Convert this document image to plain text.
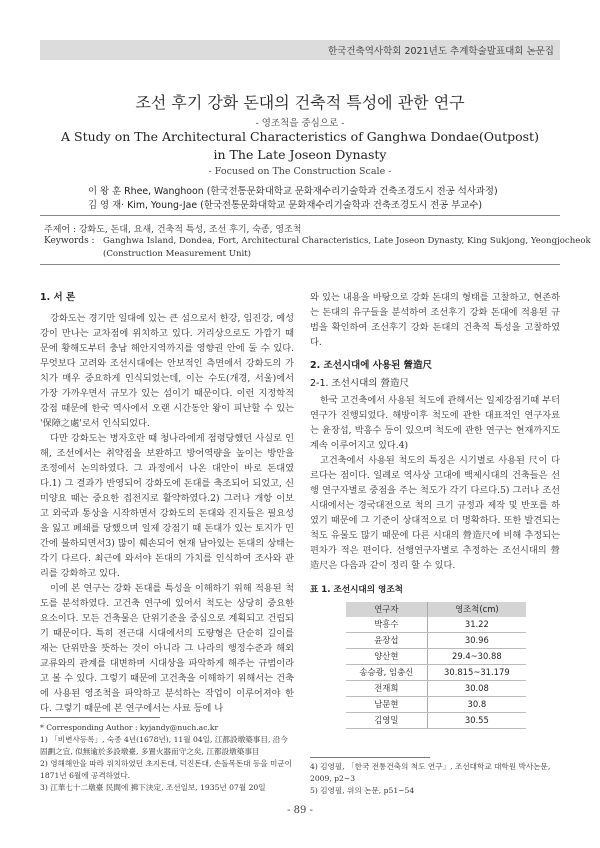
한국건축역사학회 2021년도 추계학술발표대회 논문집
조선 후기 강화 돈대의 건축적 특성에 관한 연구
- 영조척을 중심으로 -
A Study on The Architectural Characteristics of Ganghwa Dondae(Outpost)
in The Late Joseon Dynasty
- Focused on The Construction Scale -
이 왕 훈 Rhee, Wanghoon (한국전통문화대학교 문화재수리기술학과 건축조경도시 전공 석사과정)
김 영 재· Kim, Young-Jae (한국전통문화대학교 문화재수리기술학과 건축조경도시 전공 부교수)
주제어 : 강화도, 돈대, 요새, 건축적 특성, 조선 후기, 숙종, 영조척
Keywords : Ganghwa Island, Dondea, Fort, Architectural Characteristics, Late Joseon Dynasty, King Sukjong, Yeongjocheok
(Construction Measurement Unit)
1. 서 론

강화도는 경기만 일대에 있는 큰 섬으로서 한강, 임진강, 예성강이 만나는 교차점에 위치하고 있다. 거리상으로도 가깝기 때문에 황해도부터 충남 해안지역까지를 영향권 안에 둘 수 있다. 무엇보다 고려와 조선시대에는 안보적인 측면에서 강화도의 가치가 매우 중요하게 인식되었는데, 이는 수도(개경, 서울)에서 가장 가까우면서 규모가 있는 섬이기 때문이다. 이런 지정학적 강점 때문에 한국 역사에서 오랜 시간동안 왕이 피난할 수 있는 '保障之處'로서 인식되었다.

다만 강화도는 병자호란 때 청나라에게 점령당했던 사실로 인해, 조선에서는 취약점을 보완하고 방어역량을 높이는 방안을 조정에서 논의하였다. 그 과정에서 나온 대안이 바로 돈대였다.1) 그 결과가 반영되어 강화도에 돈대를 축조되어 되었고, 신미양요 때는 중요한 접전지로 활약하였다.2) 그러나 개항 이보고 외국과 통상을 시작하면서 강화도의 돈대와 진지들은 필요성을 잃고 폐쇄를 당했으며 일제 강점기 때 돈대가 있는 토지가 민간에 불하되면서3) 많이 훼손되어 현재 남아있는 돈대의 상태는 각기 다르다. 최근에 와서야 돈대의 가치를 인식하여 조사와 관리를 강화하고 있다.

이에 본 연구는 강화 돈대를 특성을 이해하기 위해 적용된 척도를 분석하였다. 고건축 연구에 있어서 척도는 상당히 중요한 요소이다. 모든 건축물은 단위기준을 중심으로 계획되고 건립되기 때문이다. 특히 전근대 시대에서의 도량형은 단순히 길이를 재는 단위만을 뜻하는 것이 아니라 그 나라의 행정수준과 해외교류와의 관계를 대변하며 시대상을 파악하게 해주는 규범이라고 볼 수 있다. 그렇기 때문에 고건축을 이해하기 위해서는 건축에 사용된 영조척을 파악하고 분석하는 작업이 이루어져야 한다. 그렇기 때문에 본 연구에서는 사료 등에 나

와 있는 내용을 바탕으로 강화 돈대의 형태를 고찰하고, 현존하는 돈대의 유구들을 분석하여 조선후기 강화 돈대에 적용된 규범을 확인하여 조선후기 강화 돈대의 건축적 특성을 고찰하였다.

2. 조선시대에 사용된 營造尺
2-1. 조선시대의 營造尺

한국 고건축에서 사용된 척도에 관해서는 일제강점기때 부터 연구가 진행되었다. 해방이후 척도에 관한 대표적인 연구자료는 윤장섭, 박흥수 등이 있으며 척도에 관한 연구는 현재까지도 계속 이루어지고 있다.4)

고건축에서 사용된 척도의 특징은 시기별로 사용된 尺이 다르다는 점이다. 일례로 역사상 고대에 백제시대의 건축들은 선행 연구자별로 중점을 주는 척도가 각기 다르다.5) 그러나 조선시대에서는 경국대전으로 척의 크기 규정과 제작 및 반포를 하였기 때문에 그 기준이 상대적으로 더 명확하다. 또한 발견되는 척도 유물도 많기 때문에 다른 시대의 營造尺에 비해 추정되는 편차가 적은 편이다. 선행연구자별로 추정하는 조선시대의 營造尺은 다음과 같이 정리 할 수 있다.

표 1. 조선시대의 영조척
연구자	영조척(cm)
박흥수	31.22
윤장섭	30.96
양산현	29.4~30.88
송승광, 임충신	30.815~31.179
전재희	30.08
남문현	30.8
김영밀	30.55
* Corresponding Author : kyjandy@nuch.ac.kr
1) 「비변사등록」, 숙종 4년(1678년), 11월 04일, 江都設墩築事目, 沿今固劃之宜, 似無逾於多設墩臺, 多置火器而守之矣, 江都設墩築事目
2) 영해해안을 따라 위치하였던 초지돈대, 덕진돈대, 손돌목돈대 등을 미군이 1871년 6월에 공격하였다.
3) 江華七十二墩臺 民間에 拂下決定, 조선일보, 1935년 07월 20일
4) 김영필, 「한국 전통건축의 척도 연구」, 조선대학교 대학원 박사논문, 2009, p2~3
5) 김영필, 위의 논문, p51~54
- 89 -
